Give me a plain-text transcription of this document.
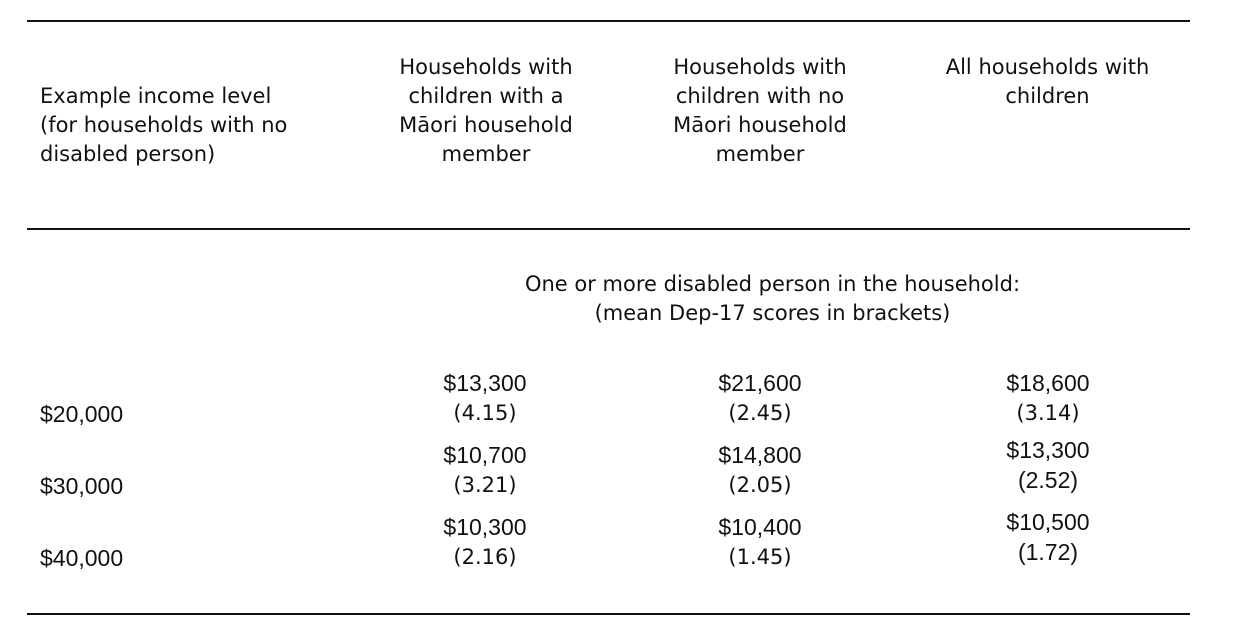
Example income level
(for households with no
disabled person)
Households with
children with a
Māori household
member
Households with
children with no
Māori household
member
All households with
children
One or more disabled person in the household:
(mean Dep-17 scores in brackets)
$20,000
$13,300
(4.15)
$21,600
(2.45)
$18,600
(3.14)
$30,000
$10,700
(3.21)
$14,800
(2.05)
$13,300
(2.52)
$40,000
$10,300
(2.16)
$10,400
(1.45)
$10,500
(1.72)
